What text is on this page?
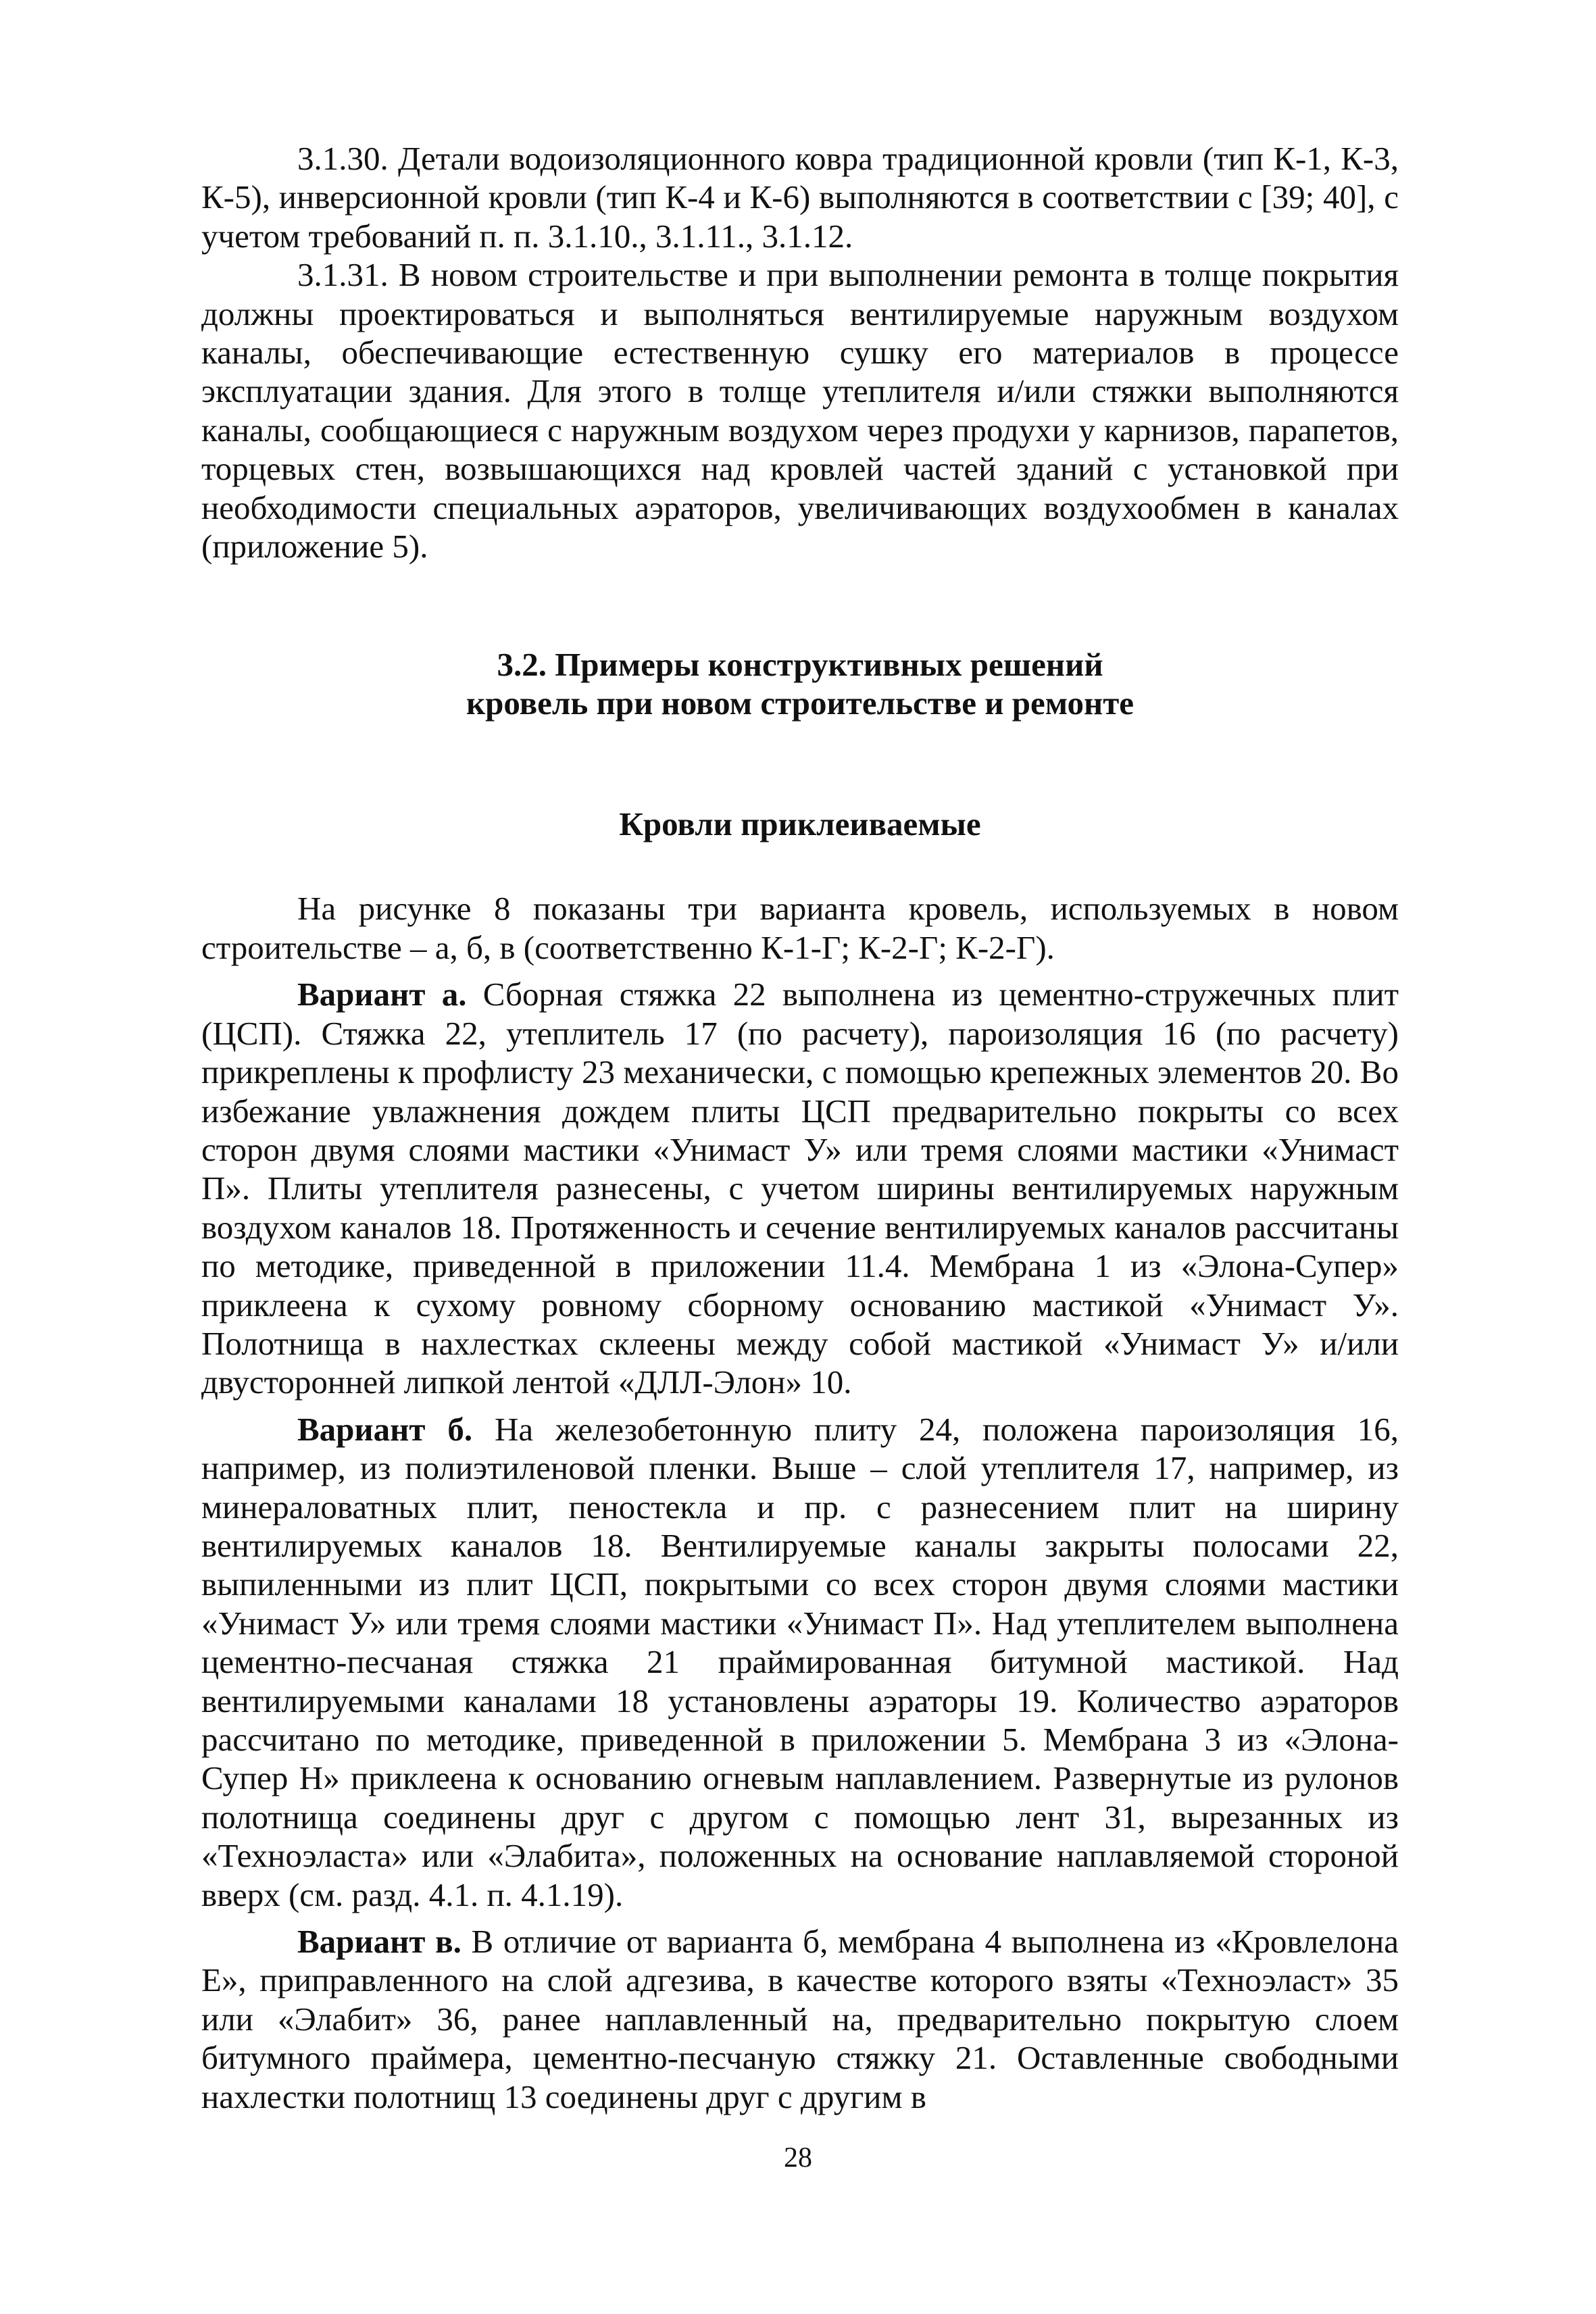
3.1.30. Детали водоизоляционного ковра традиционной кровли (тип К-1, К-3, К-5), инверсионной кровли (тип К-4 и К-6) выполняются в соответствии с [39; 40], с учетом требований п. п. 3.1.10., 3.1.11., 3.1.12.

3.1.31. В новом строительстве и при выполнении ремонта в толще покрытия должны проектироваться и выполняться вентилируемые наружным воздухом каналы, обеспечивающие естественную сушку его материалов в процессе эксплуатации здания. Для этого в толще утеплителя и/или стяжки выполняются каналы, сообщающиеся с наружным воздухом через продухи у карнизов, парапетов, торцевых стен, возвышающихся над кровлей частей зданий с установкой при необходимости специальных аэраторов, увеличивающих воздухообмен в каналах (приложение 5).

3.2. Примеры конструктивных решений
кровель при новом строительстве и ремонте
Кровли приклеиваемые

На рисунке 8 показаны три варианта кровель, используемых в новом строительстве – а, б, в (соответственно К-1-Г; К-2-Г; К-2-Г).

Вариант а. Сборная стяжка 22 выполнена из цементно-стружечных плит (ЦСП). Стяжка 22, утеплитель 17 (по расчету), пароизоляция 16 (по расчету) прикреплены к профлисту 23 механически, с помощью крепежных элементов 20. Во избежание увлажнения дождем плиты ЦСП предварительно покрыты со всех сторон двумя слоями мастики «Унимаст У» или тремя слоями мастики «Унимаст П». Плиты утеплителя разнесены, с учетом ширины вентилируемых наружным воздухом каналов 18. Протяженность и сечение вентилируемых каналов рассчитаны по методике, приведенной в приложении 11.4. Мембрана 1 из «Элона-Супер» приклеена к сухому ровному сборному основанию мастикой «Унимаст У». Полотнища в нахлестках склеены между собой мастикой «Унимаст У» и/или двусторонней липкой лентой «ДЛЛ-Элон» 10.

Вариант б. На железобетонную плиту 24, положена пароизоляция 16, например, из полиэтиленовой пленки. Выше – слой утеплителя 17, например, из минераловатных плит, пеностекла и пр. с разнесением плит на ширину вентилируемых каналов 18. Вентилируемые каналы закрыты полосами 22, выпиленными из плит ЦСП, покрытыми со всех сторон двумя слоями мастики «Унимаст У» или тремя слоями мастики «Унимаст П». Над утеплителем выполнена цементно-песчаная стяжка 21 праймированная битумной мастикой. Над вентилируемыми каналами 18 установлены аэраторы 19. Количество аэраторов рассчитано по методике, приведенной в приложении 5. Мембрана 3 из «Элона-Супер Н» приклеена к основанию огневым наплавлением. Развернутые из рулонов полотнища соединены друг с другом с помощью лент 31, вырезанных из «Техноэласта» или «Элабита», положенных на основание наплавляемой стороной вверх (см. разд. 4.1. п. 4.1.19).

Вариант в. В отличие от варианта б, мембрана 4 выполнена из «Кровлелона Е», приправленного на слой адгезива, в качестве которого взяты «Техноэласт» 35 или «Элабит» 36, ранее наплавленный на, предварительно покрытую слоем битумного праймера, цементно-песчаную стяжку 21. Оставленные свободными нахлестки полотнищ 13 соединены друг с другим в

28
